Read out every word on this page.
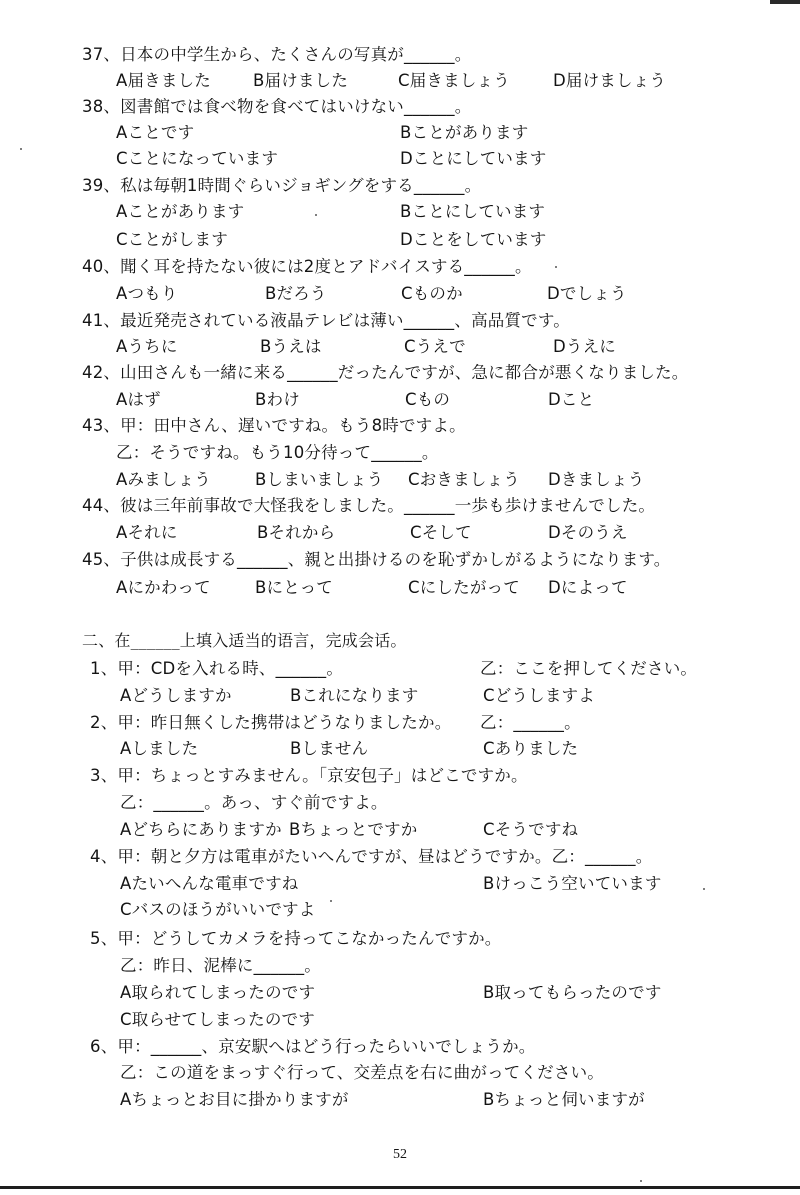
37、日本の中学生から、たくさんの写真が______。
A届きました	B届けました	C届きましょう	D届けましょう
38、図書館では食べ物を食べてはいけない______。
Aことです	Bことがあります
Cことになっています	Dことにしています
39、私は毎朝1時間ぐらいジョギングをする______。
Aことがあります	Bことにしています
Cことがします	Dことをしています
40、聞く耳を持たない彼には2度とアドバイスする______。
Aつもり	Bだろう	Cものか	Dでしょう
41、最近発売されている液晶テレビは薄い______、高品質です。
Aうちに	Bうえは	Cうえで	Dうえに
42、山田さんも一緒に来る______だったんですが、急に都合が悪くなりました。
Aはず	Bわけ	Cもの	Dこと
43、甲：田中さん、遅いですね。もう8時ですよ。
乙：そうですね。もう10分待って______。
Aみましょう	Bしまいましょう Cおきましょう Dきましょう
44、彼は三年前事故で大怪我をしました。______一歩も歩けませんでした。
Aそれに	Bそれから	Cそして	Dそのうえ
45、子供は成長する______、親と出掛けるのを恥ずかしがるようになります。
Aにかわって	Bにとって	Cにしたがって Dによって
二、在______上填入适当的语言，完成会话。
1、甲：CDを入れる時、______。	乙：ここを押してください。
Aどうしますか	Bこれになります	Cどうしますよ
2、甲：昨日無くした携帯はどうなりましたか。 乙：______。
Aしました	Bしません	Cありました
3、甲：ちょっとすみません。「京安包子」はどこですか。
乙：______。あっ、すぐ前ですよ。
Aどちらにありますか Bちょっとですか	Cそうですね
4、甲：朝と夕方は電車がたいへんですが、昼はどうですか。乙：______。
Aたいへんな電車ですね	Bけっこう空いています
Cバスのほうがいいですよ
5、甲：どうしてカメラを持ってこなかったんですか。
乙：昨日、泥棒に______。
A取られてしまったのです	B取ってもらったのです
C取らせてしまったのです
6、甲：______、京安駅へはどう行ったらいいでしょうか。
乙：この道をまっすぐ行って、交差点を右に曲がってください。
Aちょっとお目に掛かりますが	Bちょっと伺いますが
52
